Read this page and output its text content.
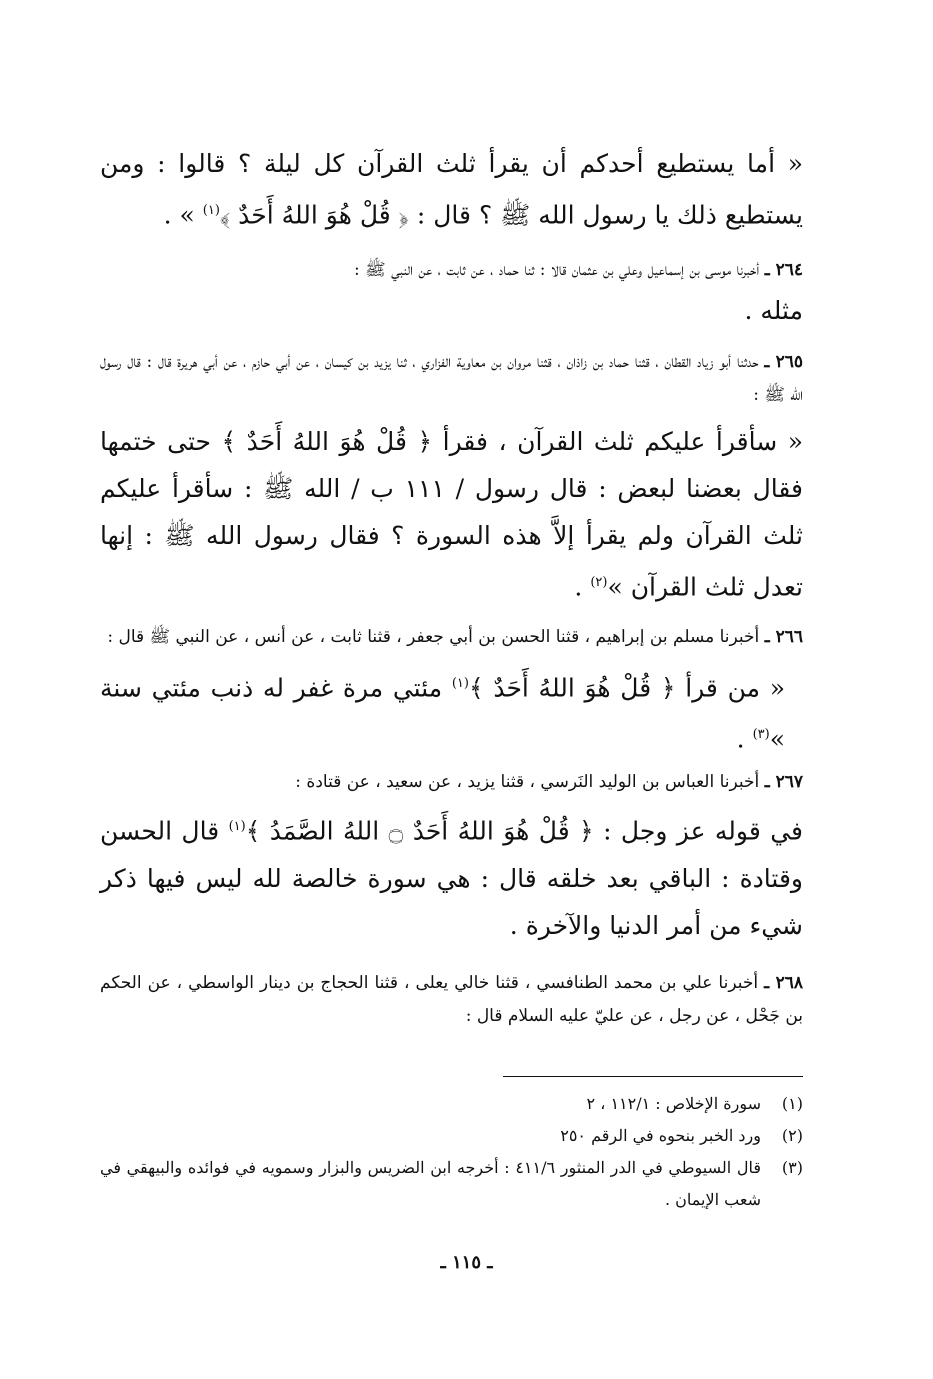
« أما يستطيع أحدكم أن يقرأ ثلث القرآن كل ليلة ؟ قالوا : ومن يستطيع ذلك يا رسول الله ﷺ ؟ قال : ﴿ قُلْ هُوَ اللهُ أَحَدٌ ﴾$^{(١)}$ » .

٢٦٤ ـ أخبرنا موسى بن إسماعيل وعلي بن عثمان قالا : ثنا حماد ، عن ثابت ، عن النبي ﷺ :

مثله .

٢٦٥ ـ حدثنا أبو زياد القطان ، قثنا حماد بن زاذان ، قثنا مروان بن معاوية الفزاري ، ثنا يزيد بن كيسان ، عن أبي حازم ، عن أبي هريرة قال : قال رسول الله ﷺ :

« سأقرأ عليكم ثلث القرآن ، فقرأ ﴿ قُلْ هُوَ اللهُ أَحَدٌ ﴾ حتى ختمها فقال بعضنا لبعض : قال رسول / ١١١ ب / الله ﷺ : سأقرأ عليكم ثلث القرآن ولم يقرأ إلاَّ هذه السورة ؟ فقال رسول الله ﷺ : إنها تعدل ثلث القرآن »$^{(٢)}$ .

٢٦٦ ـ أخبرنا مسلم بن إبراهيم ، قثنا الحسن بن أبي جعفر ، قثنا ثابت ، عن أنس ، عن النبي ﷺ قال :

« من قرأ ﴿ قُلْ هُوَ اللهُ أَحَدٌ ﴾$^{(١)}$ مئتي مرة غفر له ذنب مئتي سنة »$^{(٣)}$ .

٢٦٧ ـ أخبرنا العباس بن الوليد النَرسي ، قثنا يزيد ، عن سعيد ، عن قتادة :

في قوله عز وجل : ﴿ قُلْ هُوَ اللهُ أَحَدٌ ۝ اللهُ الصَّمَدُ ﴾$^{(١)}$ قال الحسن وقتادة : الباقي بعد خلقه قال : هي سورة خالصة لله ليس فيها ذكر شيء من أمر الدنيا والآخرة .

٢٦٨ ـ أخبرنا علي بن محمد الطنافسي ، قثنا خالي يعلى ، قثنا الحجاج بن دينار الواسطي ، عن الحكم بن جَحْل ، عن رجل ، عن عليّ عليه السلام قال :

(١)
سورة الإخلاص : ١١٢/١ ، ٢
(٢)
ورد الخبر بنحوه في الرقم ٢٥٠
(٣)
قال السيوطي في الدر المنثور ٤١١/٦ : أخرجه ابن الضريس والبزار وسمويه في فوائده والبيهقي في شعب الإيمان .
ـ ١١٥ ـ
